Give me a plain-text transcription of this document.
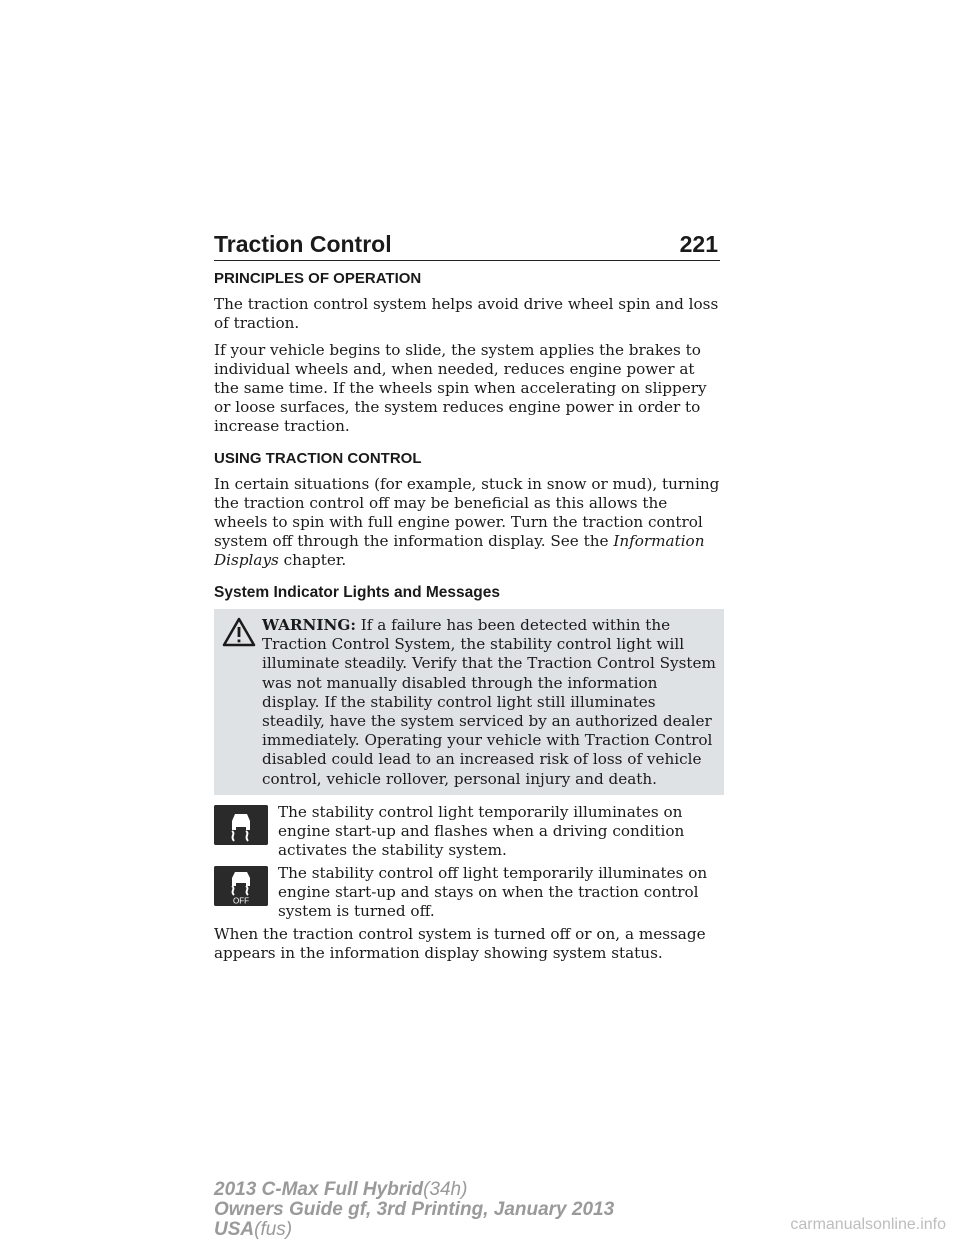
Traction Control	221
PRINCIPLES OF OPERATION

The traction control system helps avoid drive wheel spin and loss of traction.

If your vehicle begins to slide, the system applies the brakes to individual wheels and, when needed, reduces engine power at the same time. If the wheels spin when accelerating on slippery or loose surfaces, the system reduces engine power in order to increase traction.

USING TRACTION CONTROL

In certain situations (for example, stuck in snow or mud), turning the traction control off may be beneficial as this allows the wheels to spin with full engine power. Turn the traction control system off through the information display. See the Information Displays chapter.

System Indicator Lights and Messages
WARNING: If a failure has been detected within the Traction Control System, the stability control light will illuminate steadily. Verify that the Traction Control System was not manually disabled through the information display. If the stability control light still illuminates steadily, have the system serviced by an authorized dealer immediately. Operating your vehicle with Traction Control disabled could lead to an increased risk of loss of vehicle control, vehicle rollover, personal injury and death.
The stability control light temporarily illuminates on engine start-up and flashes when a driving condition activates the stability system.
OFF
The stability control off light temporarily illuminates on engine start-up and stays on when the traction control system is turned off.

When the traction control system is turned off or on, a message appears in the information display showing system status.

2013 C-Max Full Hybrid(34h)
Owners Guide gf, 3rd Printing, January 2013
USA(fus)	carmanualsonline.info
